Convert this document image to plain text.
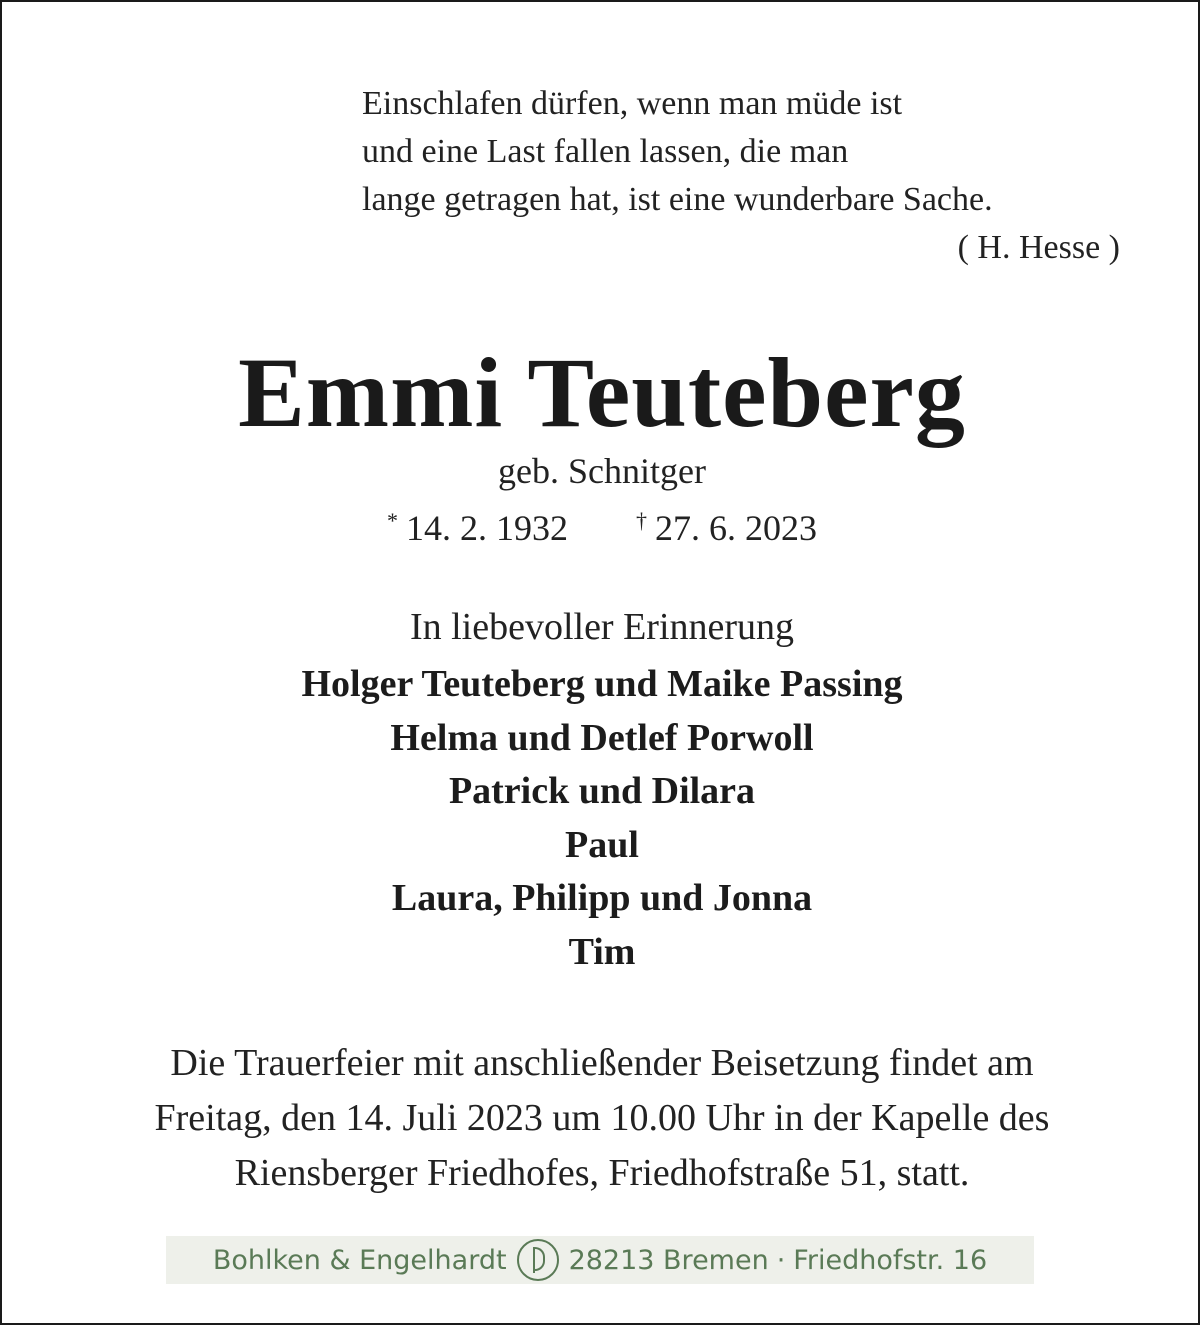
Einschlafen dürfen, wenn man müde ist
und eine Last fallen lassen, die man
lange getragen hat, ist eine wunderbare Sache.
( H. Hesse )
Emmi Teuteberg
geb. Schnitger
* 14. 2. 1932	† 27. 6. 2023
In liebevoller Erinnerung
Holger Teuteberg und Maike Passing
Helma und Detlef Porwoll
Patrick und Dilara
Paul
Laura, Philipp und Jonna
Tim
Die Trauerfeier mit anschließender Beisetzung findet am
Freitag, den 14. Juli 2023 um 10.00 Uhr in der Kapelle des
Riensberger Friedhofes, Friedhofstraße 51, statt.
Bohlken & Engelhardt 28213 Bremen · Friedhofstr. 16
